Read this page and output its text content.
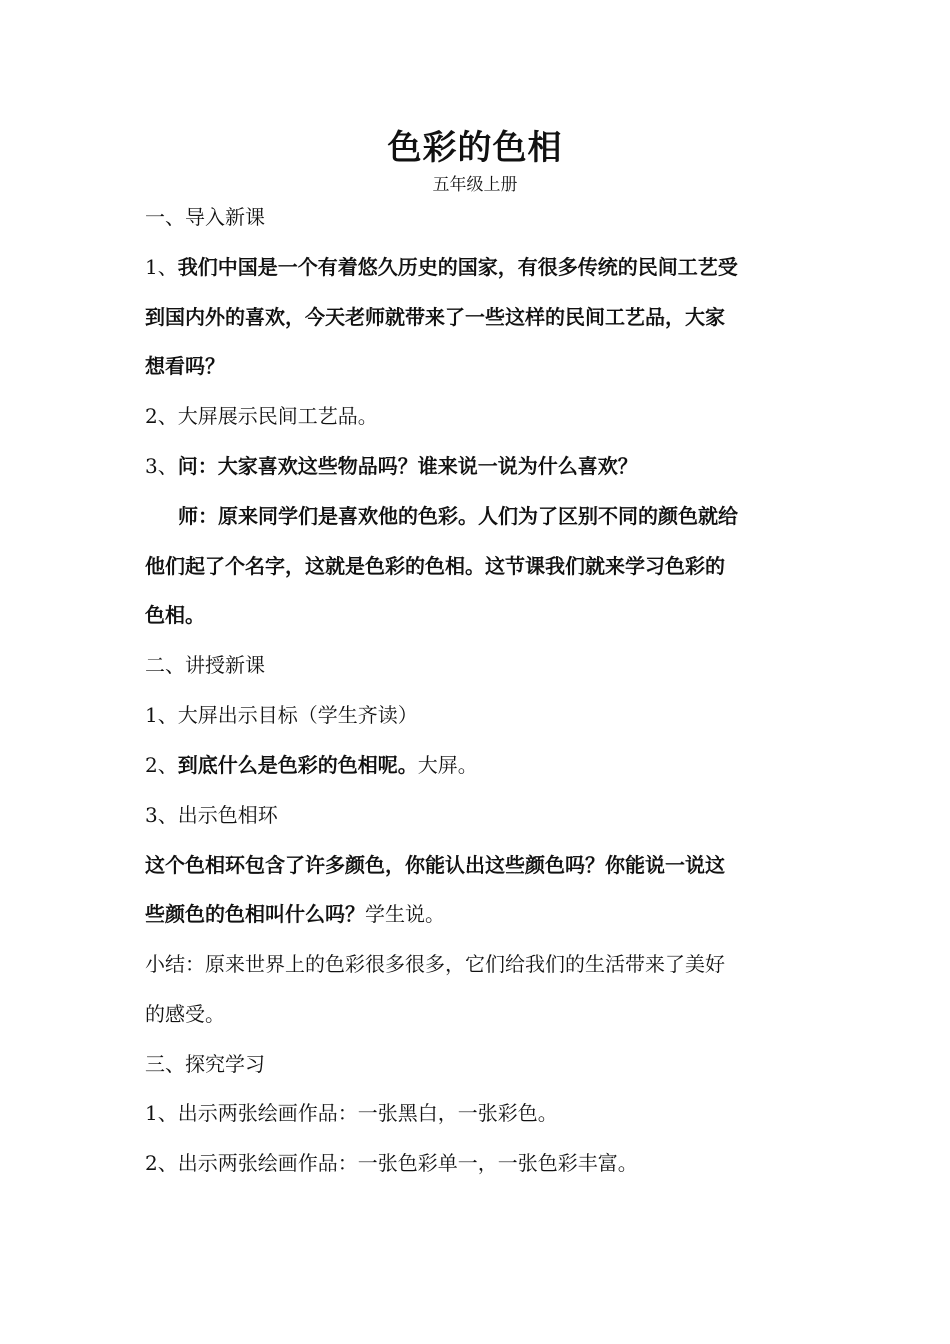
色彩的色相
五年级上册
一、导入新课
1、我们中国是一个有着悠久历史的国家，有很多传统的民间工艺受
到国内外的喜欢，今天老师就带来了一些这样的民间工艺品，大家
想看吗？
2、大屏展示民间工艺品。
3、问：大家喜欢这些物品吗？谁来说一说为什么喜欢？
师：原来同学们是喜欢他的色彩。人们为了区别不同的颜色就给
他们起了个名字，这就是色彩的色相。这节课我们就来学习色彩的
色相。
二、讲授新课
1、大屏出示目标（学生齐读）
2、到底什么是色彩的色相呢。大屏。
3、出示色相环
这个色相环包含了许多颜色，你能认出这些颜色吗？你能说一说这
些颜色的色相叫什么吗？学生说。
小结：原来世界上的色彩很多很多，它们给我们的生活带来了美好
的感受。
三、探究学习
1、出示两张绘画作品：一张黑白，一张彩色。
2、出示两张绘画作品：一张色彩单一，一张色彩丰富。
